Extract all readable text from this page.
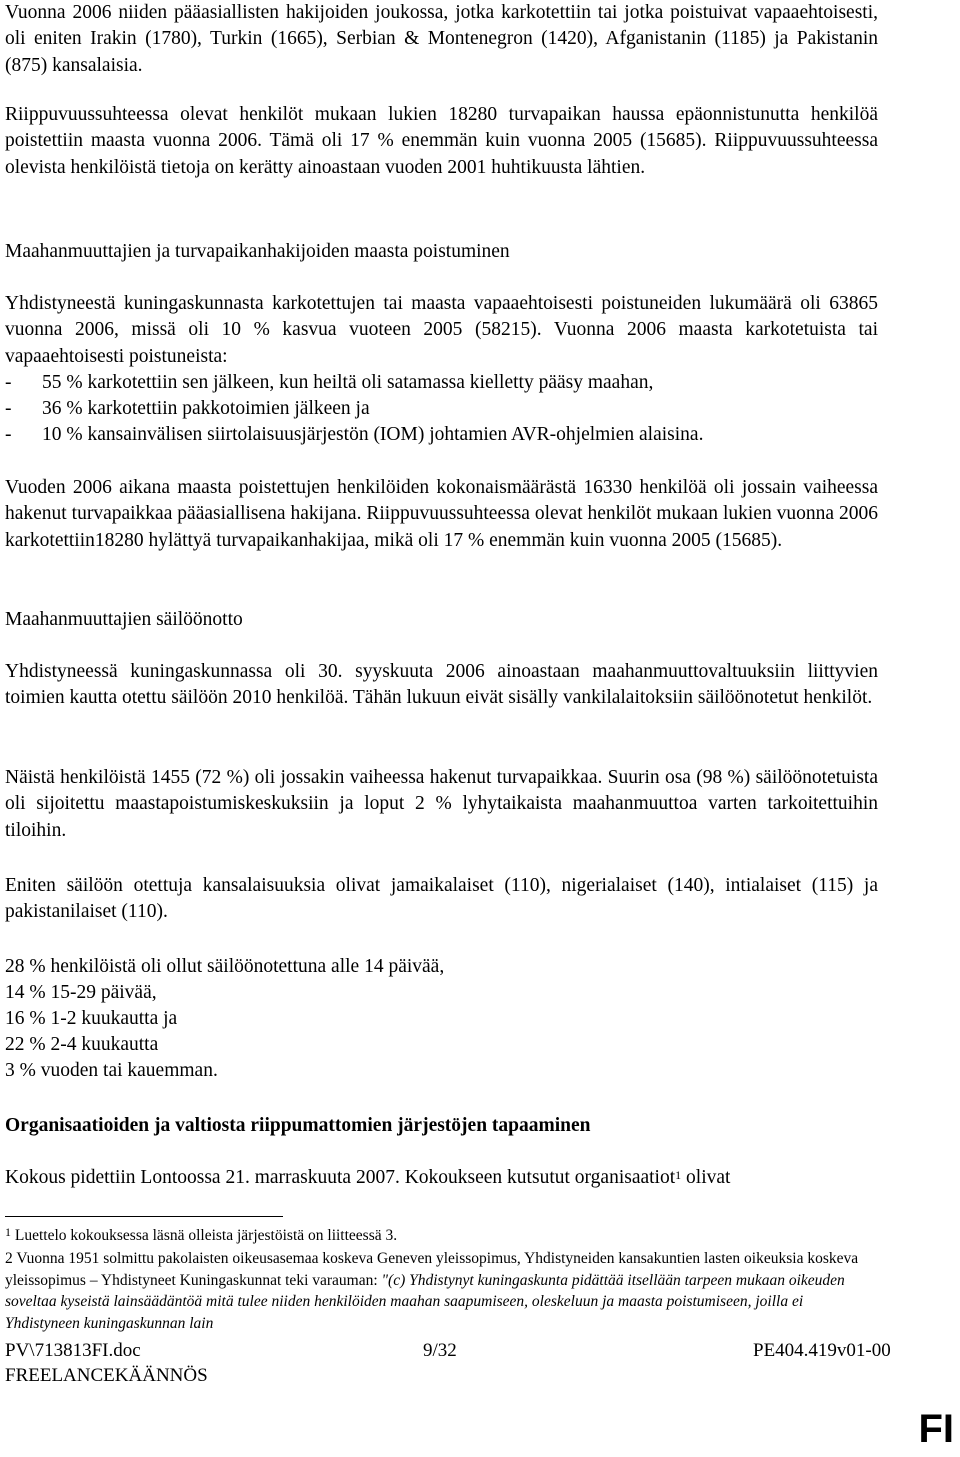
Vuonna 2006 niiden pääasiallisten hakijoiden joukossa, jotka karkotettiin tai jotka poistuivat vapaaehtoisesti, oli eniten Irakin (1780), Turkin (1665), Serbian & Montenegron (1420), Afganistanin (1185) ja Pakistanin (875) kansalaisia.
Riippuvuussuhteessa olevat henkilöt mukaan lukien 18280 turvapaikan haussa epäonnistunutta henkilöä poistettiin maasta vuonna 2006. Tämä oli 17 % enemmän kuin vuonna 2005 (15685). Riippuvuussuhteessa olevista henkilöistä tietoja on kerätty ainoastaan vuoden 2001 huhtikuusta lähtien.
Maahanmuuttajien ja turvapaikanhakijoiden maasta poistuminen
Yhdistyneestä kuningaskunnasta karkotettujen tai maasta vapaaehtoisesti poistuneiden lukumäärä oli 63865 vuonna 2006, missä oli 10 % kasvua vuoteen 2005 (58215). Vuonna 2006 maasta karkotetuista tai vapaaehtoisesti poistuneista:
- 55 % karkotettiin sen jälkeen, kun heiltä oli satamassa kielletty pääsy maahan,
- 36 % karkotettiin pakkotoimien jälkeen ja
- 10 % kansainvälisen siirtolaisuusjärjestön (IOM) johtamien AVR-ohjelmien alaisina.
Vuoden 2006 aikana maasta poistettujen henkilöiden kokonaismäärästä 16330 henkilöä oli jossain vaiheessa hakenut turvapaikkaa pääasiallisena hakijana. Riippuvuussuhteessa olevat henkilöt mukaan lukien vuonna 2006 karkotettiin18280 hylättyä turvapaikanhakijaa, mikä oli 17 % enemmän kuin vuonna 2005 (15685).
Maahanmuuttajien säilöönotto
Yhdistyneessä kuningaskunnassa oli 30. syyskuuta 2006 ainoastaan maahanmuuttovaltuuksiin liittyvien toimien kautta otettu säilöön 2010 henkilöä. Tähän lukuun eivät sisälly vankilalaitoksiin säilöönotetut henkilöt.
Näistä henkilöistä 1455 (72 %) oli jossakin vaiheessa hakenut turvapaikkaa. Suurin osa (98 %) säilöönotetuista oli sijoitettu maastapoistumiskeskuksiin ja loput 2 % lyhytaikaista maahanmuuttoa varten tarkoitettuihin tiloihin.
Eniten säilöön otettuja kansalaisuuksia olivat jamaikalaiset (110), nigerialaiset (140), intialaiset (115) ja pakistanilaiset (110).
28 % henkilöistä oli ollut säilöönotettuna alle 14 päivää,
14 % 15-29 päivää,
16 % 1-2 kuukautta ja
22 % 2-4 kuukautta
3 % vuoden tai kauemman.
Organisaatioiden ja valtiosta riippumattomien järjestöjen tapaaminen
Kokous pidettiin Lontoossa 21. marraskuuta 2007. Kokoukseen kutsutut organisaatiot$^1$ olivat
$^1$ Luettelo kokouksessa läsnä olleista järjestöistä on liitteessä 3.
2 Vuonna 1951 solmittu pakolaisten oikeusasemaa koskeva Geneven yleissopimus, Yhdistyneiden kansakuntien lasten oikeuksia koskeva yleissopimus – Yhdistyneet Kuningaskunnat teki varauman: "(c) Yhdistynyt kuningaskunta pidättää itsellään tarpeen mukaan oikeuden soveltaa kyseistä lainsäädäntöä mitä tulee niiden henkilöiden maahan saapumiseen, oleskeluun ja maasta poistumiseen, joilla ei Yhdistyneen kuningaskunnan lain
PV\713813FI.doc	9/32	PE404.419v01-00
FREELANCEKÄÄNNÖS
FI
